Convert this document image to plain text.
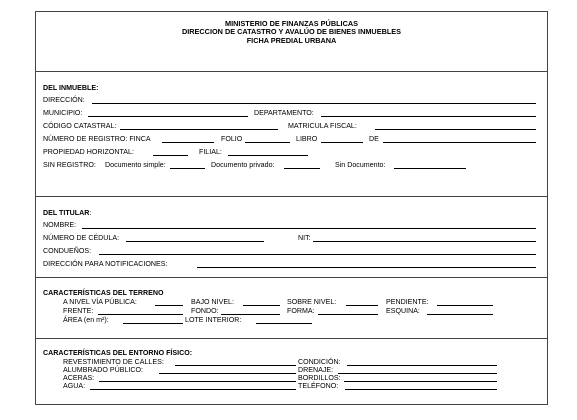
MINISTERIO DE FINANZAS PÚBLICAS
DIRECCION DE CATASTRO Y AVALÚO DE BIENES INMUEBLES
FICHA PREDIAL URBANA
DEL INMUEBLE:
DIRECCIÓN:
MUNICIPIO:	DEPARTAMENTO:
CÓDIGO CATASTRAL:	MATRICULA FISCAL:
NÚMERO DE REGISTRO: FINCA	FOLIO	LIBRO	DE
PROPIEDAD HORIZONTAL:	FILIAL:
SIN REGISTRO: Documento simple:	Documento privado:	Sin Documento:
DEL TITULAR:
NOMBRE:
NÚMERO DE CÉDULA:	NIT:
CONDUEÑOS:
DIRECCIÓN PARA NOTIFICACIONES:
CARACTERÍSTICAS DEL TERRENO
A NIVEL VÍA PÚBLICA:	BAJO NIVEL:	SOBRE NIVEL:	PENDIENTE:
FRENTE:	FONDO:	FORMA:	ESQUINA:
ÁREA (en m²):	LOTE INTERIOR:
CARACTERÍSTICAS DEL ENTORNO FÍSICO:
REVESTIMIENTO DE CALLES:	CONDICIÓN:
ALUMBRADO PÚBLICO:	DRENAJE:
ACERAS:	BORDILLOS:
AGUA:	TELÉFONO:
